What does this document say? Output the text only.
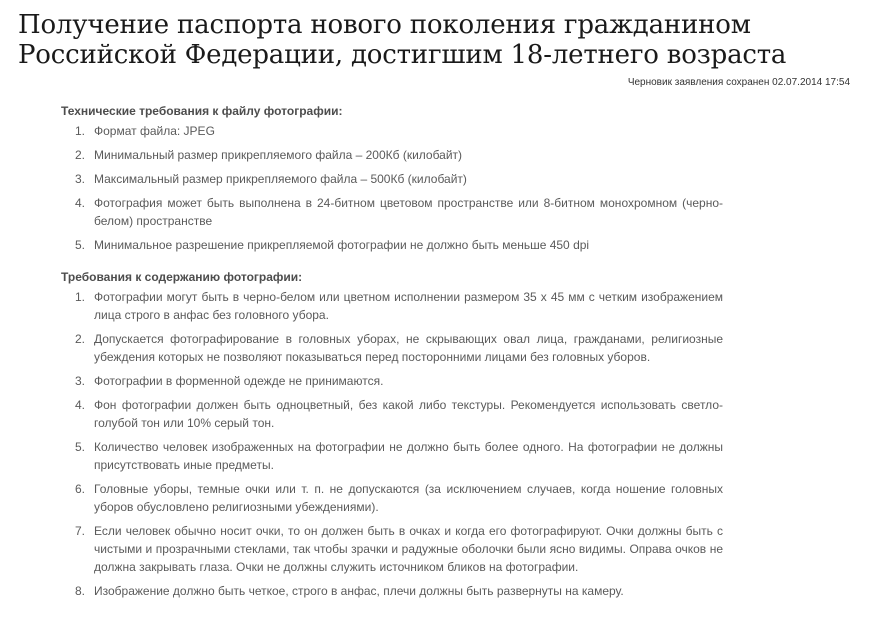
Получение паспорта нового поколения гражданином Российской Федерации, достигшим 18-летнего возраста
Черновик заявления сохранен 02.07.2014 17:54
Технические требования к файлу фотографии:
1. Формат файла: JPEG
2. Минимальный размер прикрепляемого файла – 200Кб (килобайт)
3. Максимальный размер прикрепляемого файла – 500Кб (килобайт)
4. Фотография может быть выполнена в 24-битном цветовом пространстве или 8-битном монохромном (черно-белом) пространстве
5. Минимальное разрешение прикрепляемой фотографии не должно быть меньше 450 dpi
Требования к содержанию фотографии:
1. Фотографии могут быть в черно-белом или цветном исполнении размером 35 x 45 мм с четким изображением лица строго в анфас без головного убора.
2. Допускается фотографирование в головных уборах, не скрывающих овал лица, гражданами, религиозные убеждения которых не позволяют показываться перед посторонними лицами без головных уборов.
3. Фотографии в форменной одежде не принимаются.
4. Фон фотографии должен быть одноцветный, без какой либо текстуры. Рекомендуется использовать светло-голубой тон или 10% серый тон.
5. Количество человек изображенных на фотографии не должно быть более одного. На фотографии не должны присутствовать иные предметы.
6. Головные уборы, темные очки или т. п. не допускаются (за исключением случаев, когда ношение головных уборов обусловлено религиозными убеждениями).
7. Если человек обычно носит очки, то он должен быть в очках и когда его фотографируют. Очки должны быть с чистыми и прозрачными стеклами, так чтобы зрачки и радужные оболочки были ясно видимы. Оправа очков не должна закрывать глаза. Очки не должны служить источником бликов на фотографии.
8. Изображение должно быть четкое, строго в анфас, плечи должны быть развернуты на камеру.
